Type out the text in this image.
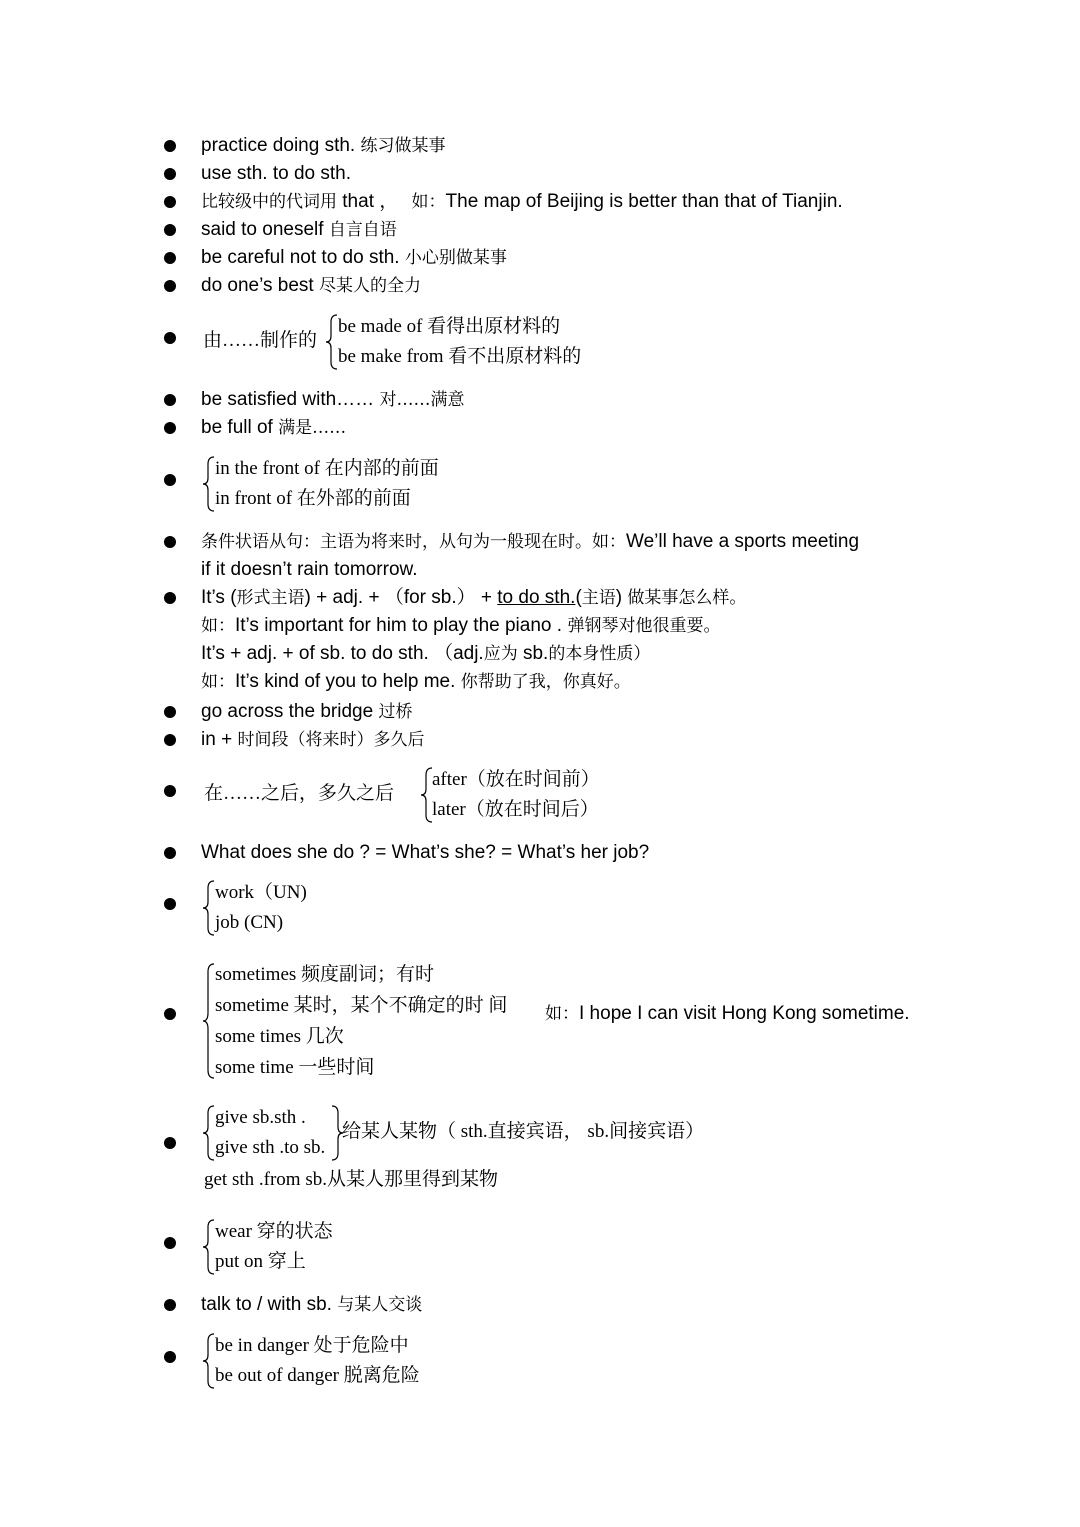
practice doing sth. 练习做某事
use sth. to do sth.
比较级中的代词用 that ， 如：The map of Beijing is better than that of Tianjin.
said to oneself 自言自语
be careful not to do sth. 小心别做某事
do one’s best 尽某人的全力
由……制作的
be made of 看得出原材料的
be make from 看不出原材料的
be satisfied with…… 对……满意
be full of 满是……
in the front of 在内部的前面
in front of 在外部的前面
条件状语从句：主语为将来时，从句为一般现在时。如：We’ll have a sports meeting
if it doesn’t rain tomorrow.
It’s (形式主语) + adj. + （for sb.） + to do sth.(主语) 做某事怎么样。
如：It’s important for him to play the piano . 弹钢琴对他很重要。
It’s + adj. + of sb. to do sth. （adj.应为 sb.的本身性质）
如：It’s kind of you to help me. 你帮助了我，你真好。
go across the bridge 过桥
in + 时间段（将来时）多久后
在……之后，多久之后
after（放在时间前）
later（放在时间后）
What does she do ? = What’s she? = What’s her job?
work（UN)
job (CN)
sometimes 频度副词；有时
sometime 某时，某个不确定的时 间
some times 几次
some time 一些时间
如：I hope I can visit Hong Kong sometime.
give sb.sth .
give sth .to sb.
给某人某物（ sth.直接宾语， sb.间接宾语）
get sth .from sb.从某人那里得到某物
wear 穿的状态
put on 穿上
talk to / with sb. 与某人交谈
be in danger 处于危险中
be out of danger 脱离危险
